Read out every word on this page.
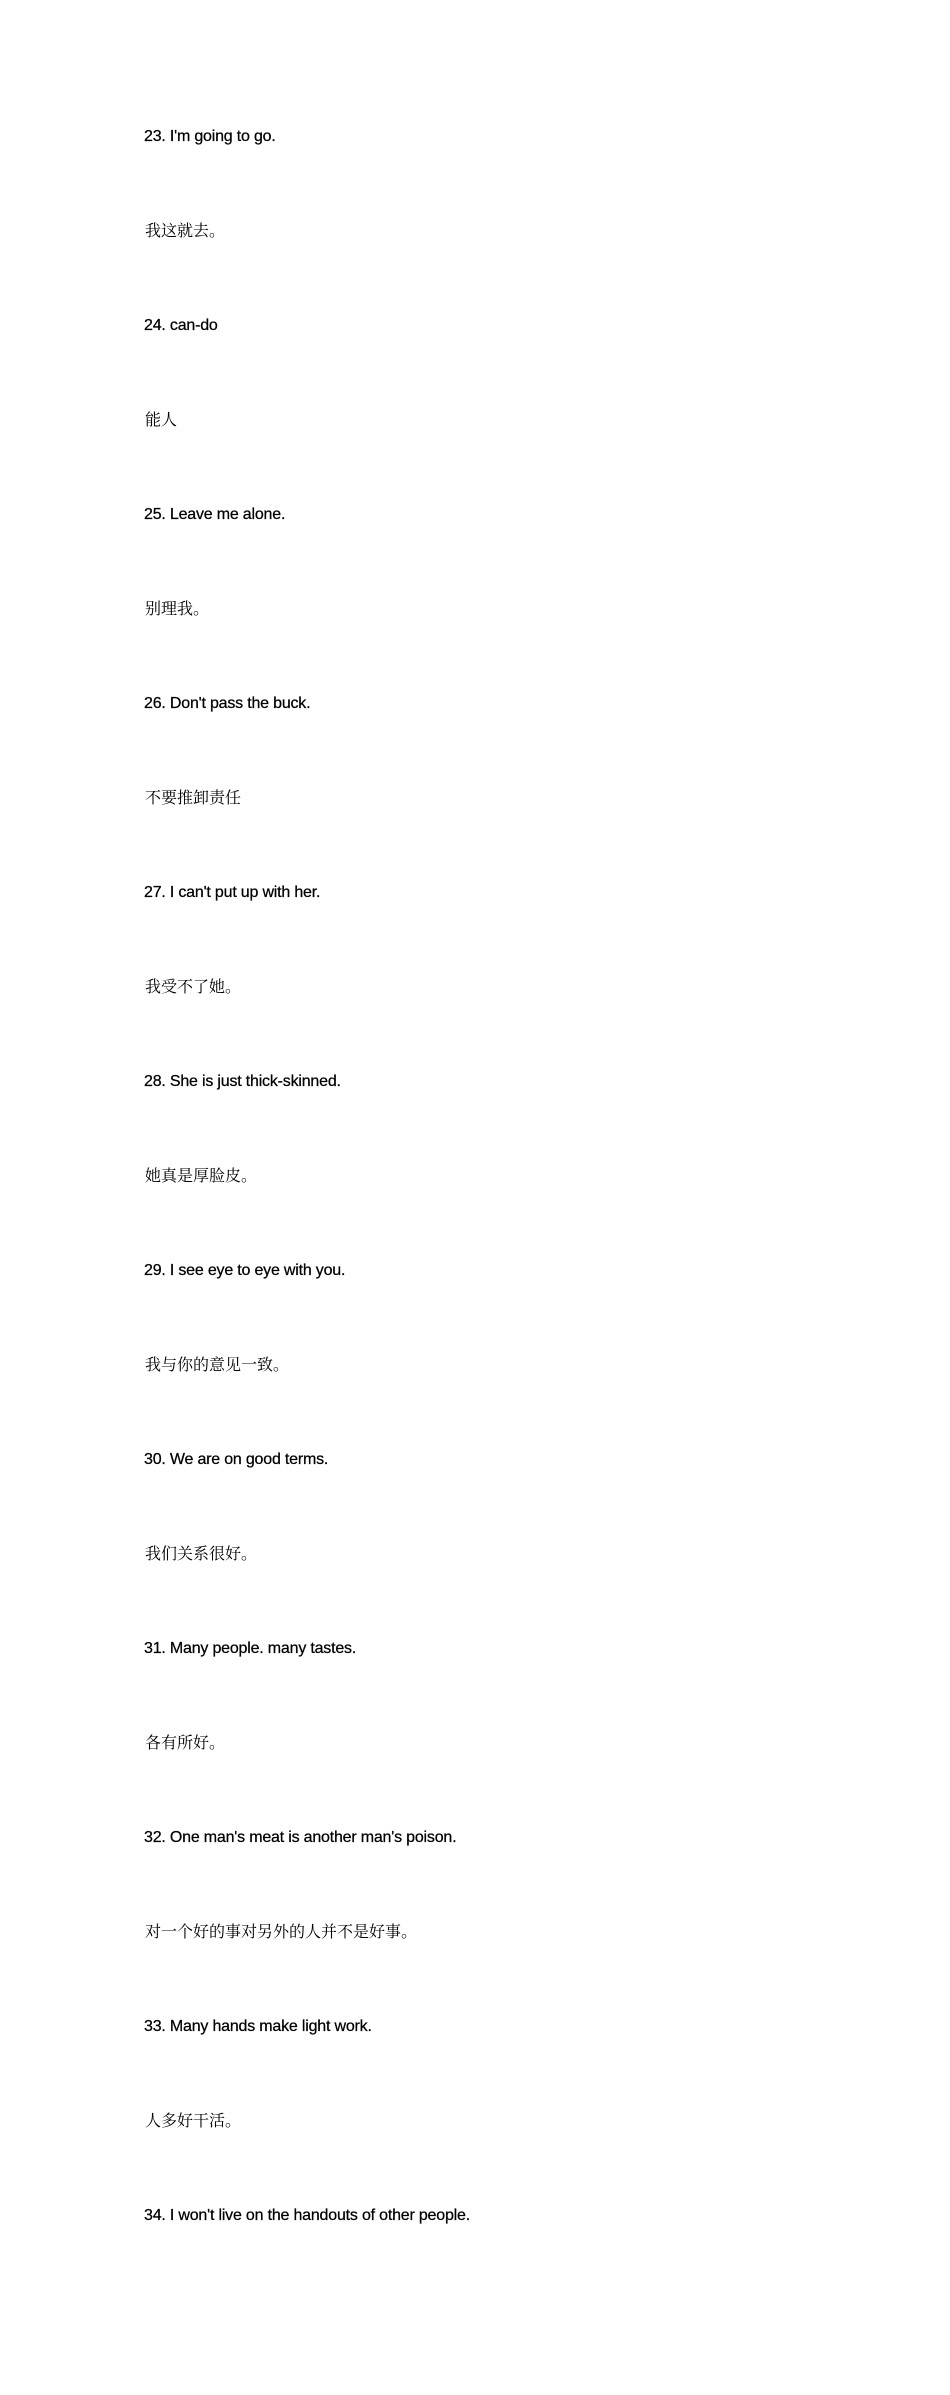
23. I'm going to go.
我这就去。
24. can-do
能人
25. Leave me alone.
别理我。
26. Don't pass the buck.
不要推卸责任
27. I can't put up with her.
我受不了她。
28. She is just thick-skinned.
她真是厚脸皮。
29. I see eye to eye with you.
我与你的意见一致。
30. We are on good terms.
我们关系很好。
31. Many people. many tastes.
各有所好。
32. One man's meat is another man's poison.
对一个好的事对另外的人并不是好事。
33. Many hands make light work.
人多好干活。
34. I won't live on the handouts of other people.
